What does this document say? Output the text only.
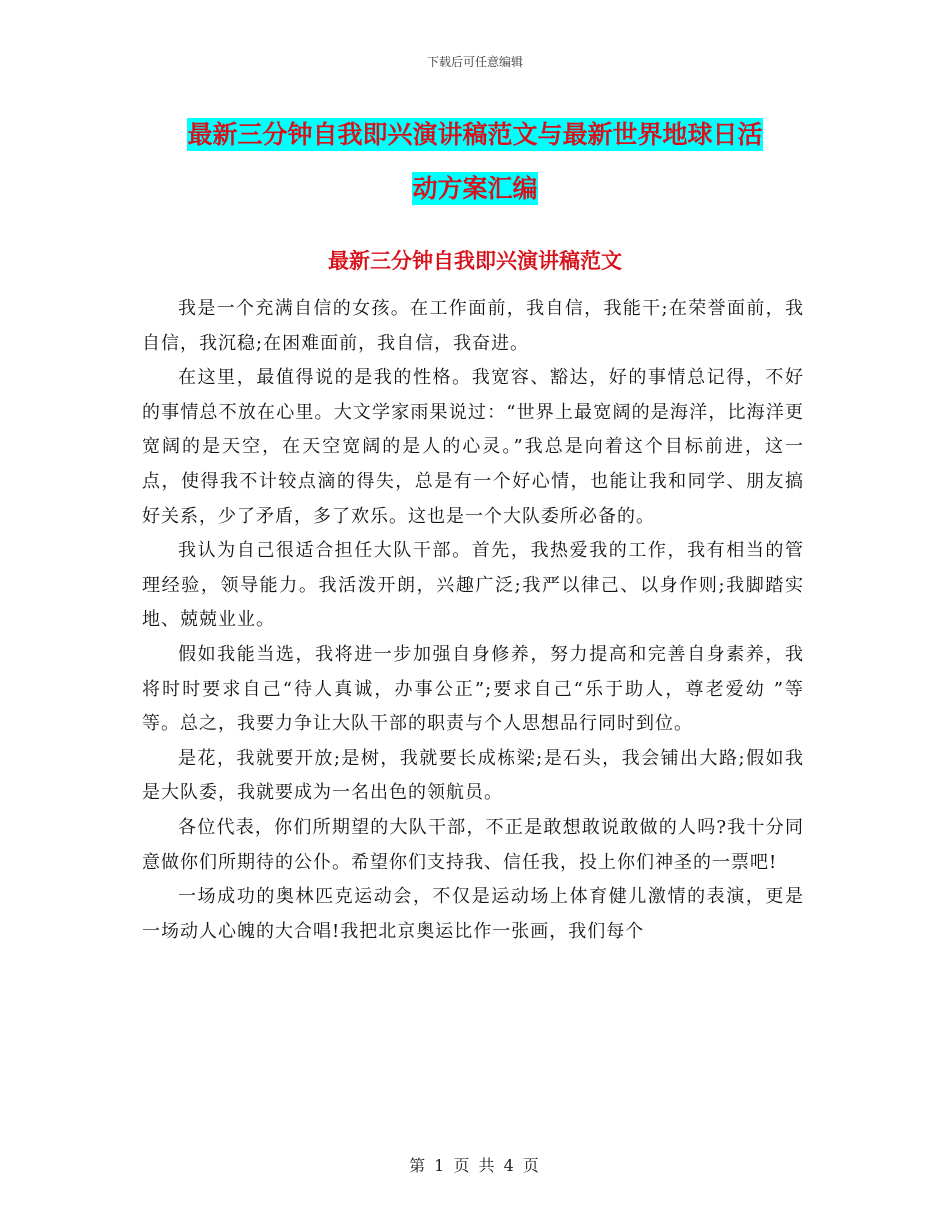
下载后可任意编辑
最新三分钟自我即兴演讲稿范文与最新世界地球日活
动方案汇编
最新三分钟自我即兴演讲稿范文

我是一个充满自信的女孩。在工作面前，我自信，我能干;在荣誉面前，我自信，我沉稳;在困难面前，我自信，我奋进。

在这里，最值得说的是我的性格。我宽容、豁达，好的事情总记得，不好的事情总不放在心里。大文学家雨果说过：“世界上最宽阔的是海洋，比海洋更宽阔的是天空，在天空宽阔的是人的心灵。”我总是向着这个目标前进，这一点，使得我不计较点滴的得失，总是有一个好心情，也能让我和同学、朋友搞好关系，少了矛盾，多了欢乐。这也是一个大队委所必备的。

我认为自己很适合担任大队干部。首先，我热爱我的工作，我有相当的管理经验，领导能力。我活泼开朗，兴趣广泛;我严以律己、以身作则;我脚踏实地、兢兢业业。

假如我能当选，我将进一步加强自身修养，努力提高和完善自身素养，我将时时要求自己“待人真诚，办事公正”;要求自己“乐于助人，尊老爱幼 ”等等。总之，我要力争让大队干部的职责与个人思想品行同时到位。

是花，我就要开放;是树，我就要长成栋梁;是石头，我会铺出大路;假如我是大队委，我就要成为一名出色的领航员。

各位代表，你们所期望的大队干部，不正是敢想敢说敢做的人吗?我十分同意做你们所期待的公仆。希望你们支持我、信任我，投上你们神圣的一票吧!

一场成功的奥林匹克运动会，不仅是运动场上体育健儿激情的表演，更是一场动人心魄的大合唱!我把北京奥运比作一张画，我们每个

第 1 页 共 4 页
